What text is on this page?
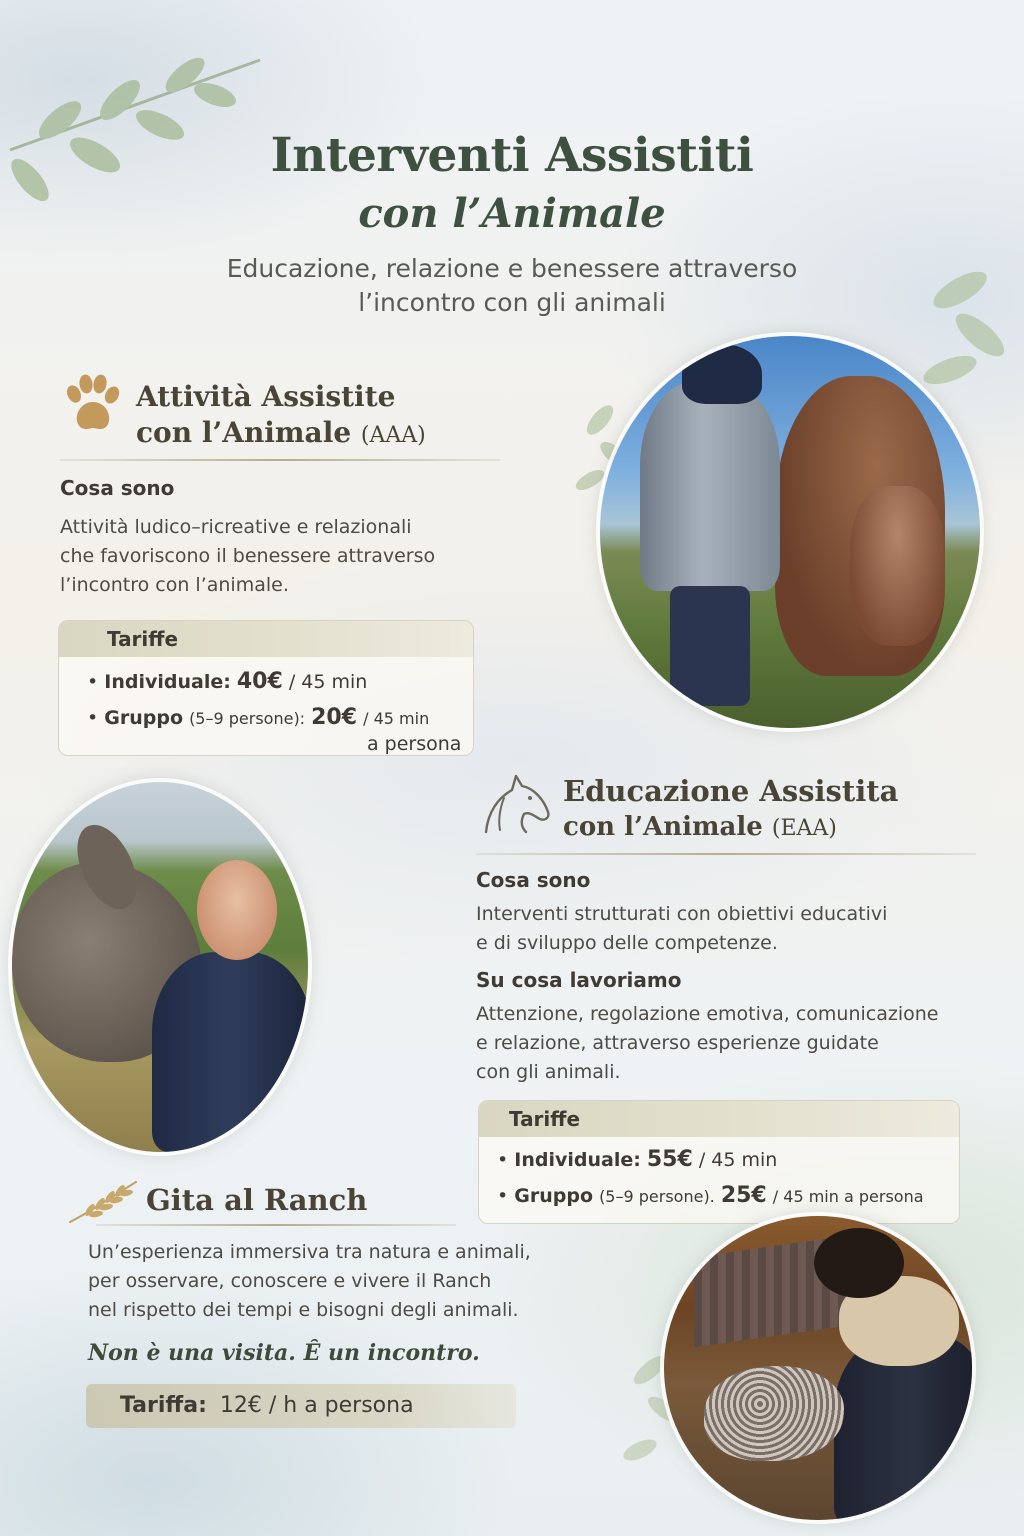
Interventi Assistiti
con l’Animale
Educazione, relazione e benessere attraverso
l’incontro con gli animali
Attività Assistite
con l’Animale (AAA)
Cosa sono
Attività ludico–ricreative e relazionali
che favoriscono il benessere attraverso
l’incontro con l’animale.
Tariffe
• Individuale: 40€ / 45 min
• Gruppo (5–9 persone): 20€ / 45 min
a persona
Educazione Assistita
con l’Animale (EAA)
Cosa sono
Interventi strutturati con obiettivi educativi
e di sviluppo delle competenze.
Su cosa lavoriamo
Attenzione, regolazione emotiva, comunicazione
e relazione, attraverso esperienze guidate
con gli animali.
Tariffe
• Individuale: 55€ / 45 min
• Gruppo (5–9 persone). 25€ / 45 min a persona
Gita al Ranch
Un’esperienza immersiva tra natura e animali,
per osservare, conoscere e vivere il Ranch
nel rispetto dei tempi e bisogni degli animali.
Non è una visita. Ȇ un incontro.
Tariffa: 12€ / h a persona
